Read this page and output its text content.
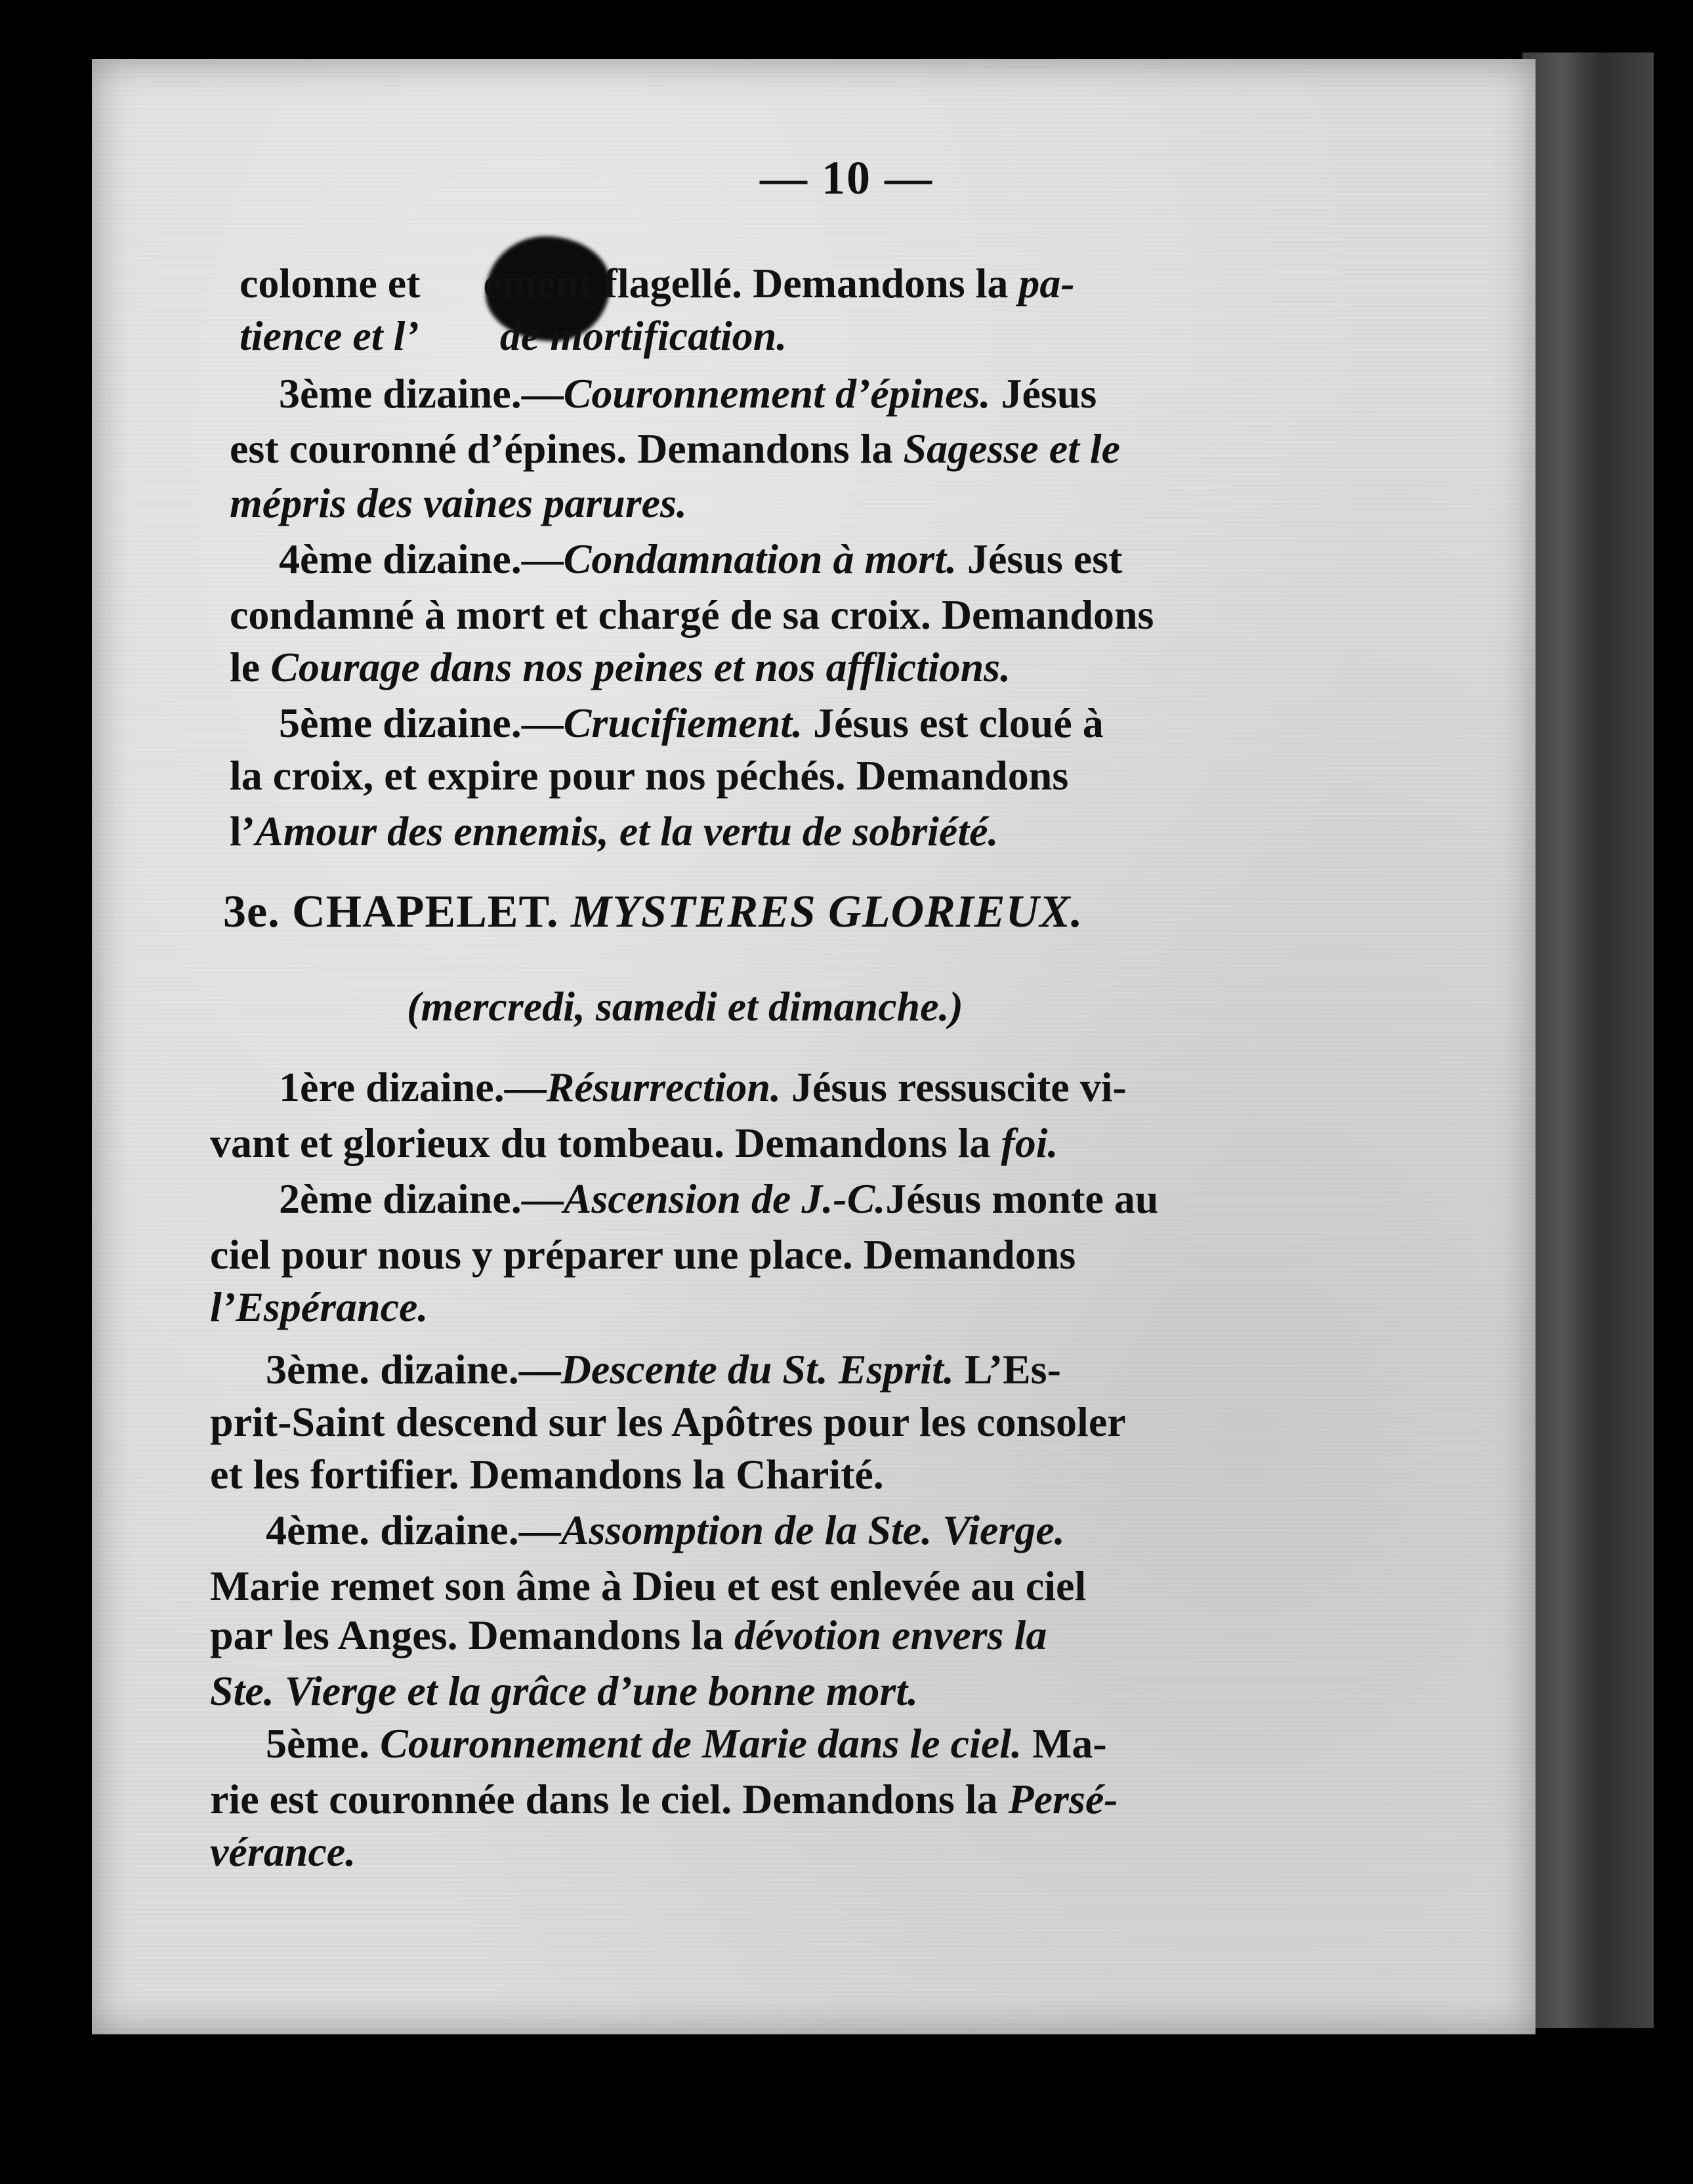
— 10 —
3e. CHAPELET. MYSTERES GLORIEUX.
(mercredi, samedi et dimanche.)
colonne et      ement flagellé. Demandons la pa-
tience et l’        de mortification.
3ème dizaine.—Couronnement d’épines. Jésus
est couronné d’épines. Demandons la Sagesse et le
mépris des vaines parures.
4ème dizaine.—Condamnation à mort. Jésus est
condamné à mort et chargé de sa croix. Demandons
le Courage dans nos peines et nos afflictions.
5ème dizaine.—Crucifiement. Jésus est cloué à
la croix, et expire pour nos péchés. Demandons
l’Amour des ennemis, et la vertu de sobriété.
1ère dizaine.—Résurrection. Jésus ressuscite vi-
vant et glorieux du tombeau. Demandons la foi.
2ème dizaine.—Ascension de J.-C.Jésus monte au
ciel pour nous y préparer une place. Demandons
l’Espérance.
3ème. dizaine.—Descente du St. Esprit. L’Es-
prit-Saint descend sur les Apôtres pour les consoler
et les fortifier. Demandons la Charité.
4ème. dizaine.—Assomption de la Ste. Vierge.
Marie remet son âme à Dieu et est enlevée au ciel
par les Anges. Demandons la dévotion envers la
Ste. Vierge et la grâce d’une bonne mort.
5ème. Couronnement de Marie dans le ciel. Ma-
rie est couronnée dans le ciel. Demandons la Persé-
vérance.
